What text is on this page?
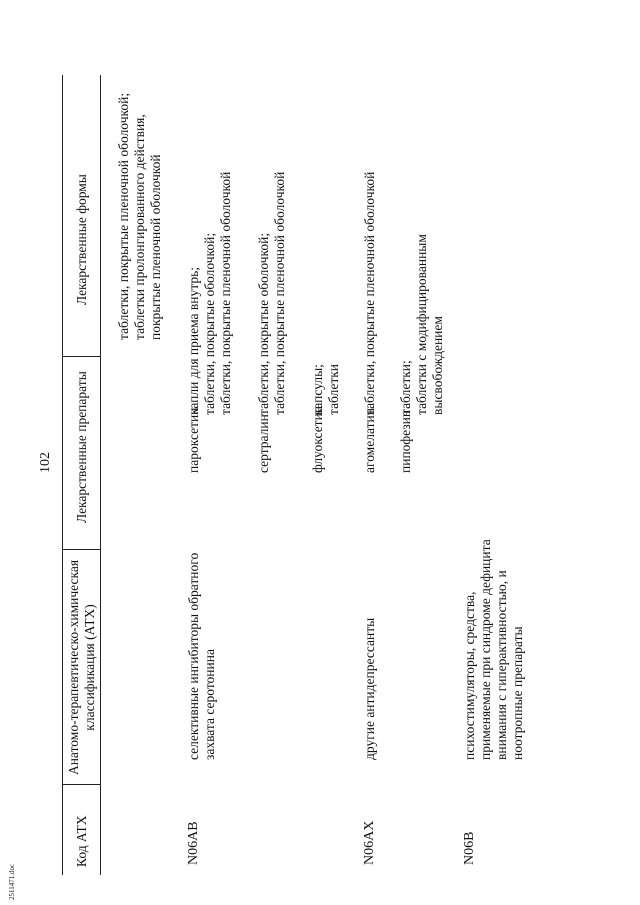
102
2511471.doc
Код АТХ
Анатомо-терапевтическо-химическая классификация (АТХ)
Лекарственные препараты
Лекарственные формы таблетки, покрытые пленочной оболочкой; таблетки пролонгированного действия, покрытые пленочной оболочкой
N06AB
селективные ингибиторы обратного захвата серотонина
пароксетин
капли для приема внутрь; таблетки, покрытые оболочкой; таблетки, покрытые пленочной оболочкой
сертралин
таблетки, покрытые оболочкой; таблетки, покрытые пленочной оболочкой
флуоксетин
капсулы; таблетки
N06AX
другие антидепрессанты
агомелатин
таблетки, покрытые пленочной оболочкой
пипофезин
таблетки; таблетки с модифицированным высвобождением
N06B
психостимуляторы, средства, применяемые при синдроме дефицита внимания с гиперактивностью, и ноотропные препараты
